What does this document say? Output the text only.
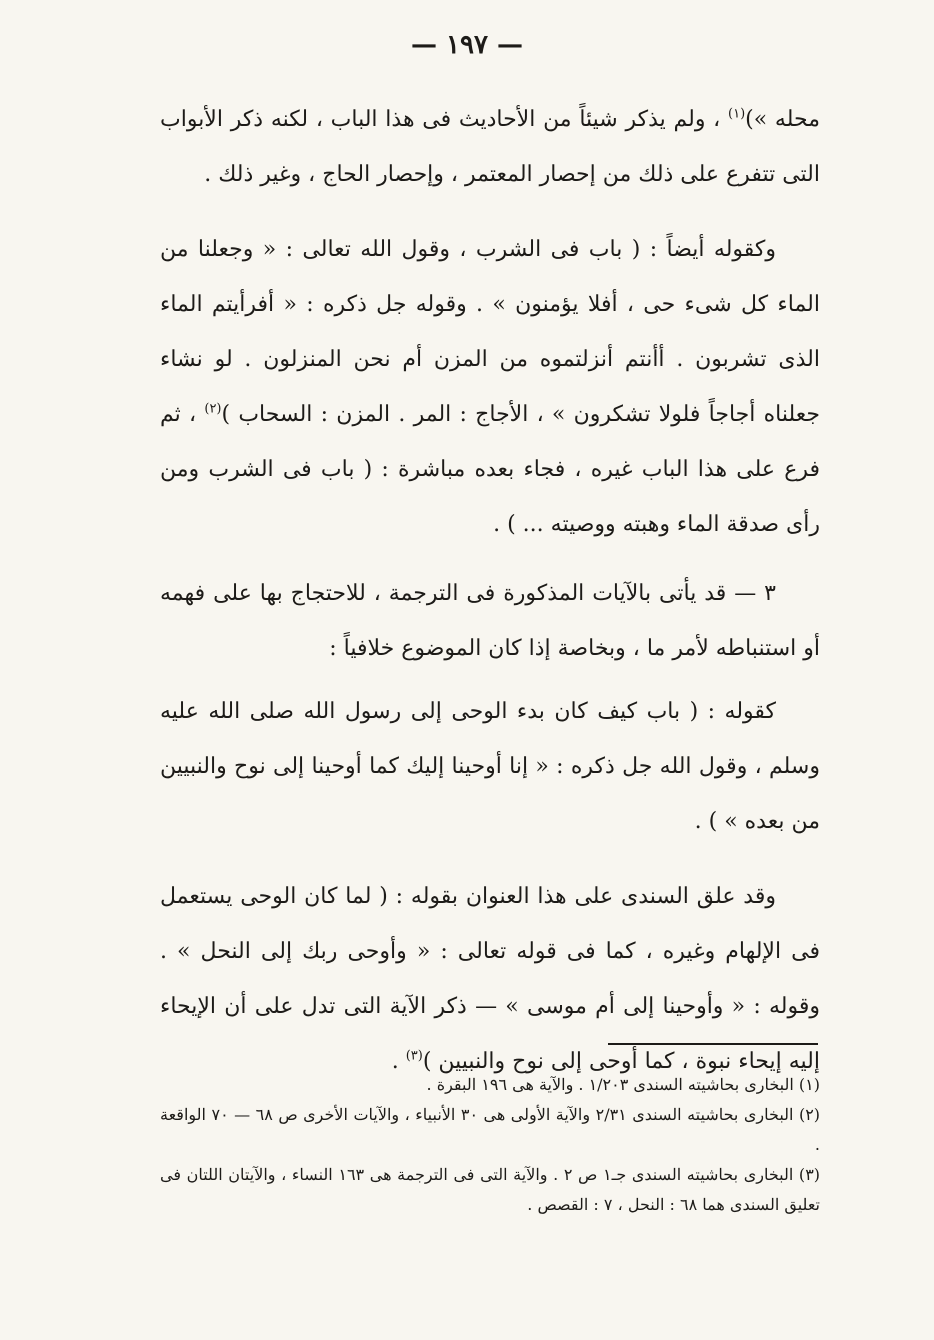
— ١٩٧ —

محله »)$^{(١)}$ ، ولم يذكر شيئاً من الأحاديث فى هذا الباب ، لكنه ذكر الأبواب التى تتفرع على ذلك من إحصار المعتمر ، وإحصار الحاج ، وغير ذلك .

وكقوله أيضاً : ( باب فى الشرب ، وقول الله تعالى : « وجعلنا من الماء كل شىء حى ، أفلا يؤمنون » . وقوله جل ذكره : « أفرأيتم الماء الذى تشربون . أأنتم أنزلتموه من المزن أم نحن المنزلون . لو نشاء جعلناه أجاجاً فلولا تشكرون » ، الأجاج : المر . المزن : السحاب )$^{(٢)}$ ، ثم فرع على هذا الباب غيره ، فجاء بعده مباشرة : ( باب فى الشرب ومن رأى صدقة الماء وهبته ووصيته ... ) .

٣ — قد يأتى بالآيات المذكورة فى الترجمة ، للاحتجاج بها على فهمه أو استنباطه لأمر ما ، وبخاصة إذا كان الموضوع خلافياً :

كقوله : ( باب كيف كان بدء الوحى إلى رسول الله صلى الله عليه وسلم ، وقول الله جل ذكره : « إنا أوحينا إليك كما أوحينا إلى نوح والنبيين من بعده » ) .

وقد علق السندى على هذا العنوان بقوله : ( لما كان الوحى يستعمل فى الإلهام وغيره ، كما فى قوله تعالى : « وأوحى ربك إلى النحل » . وقوله : « وأوحينا إلى أم موسى » — ذكر الآية التى تدل على أن الإيحاء إليه إيحاء نبوة ، كما أوحى إلى نوح والنبيين )$^{(٣)}$ .

(١) البخارى بحاشيته السندى ١/٢٠٣ . والآية هى ١٩٦ البقرة .

(٢) البخارى بحاشيته السندى ٢/٣١ والآية الأولى هى ٣٠ الأنبياء ، والآيات الأخرى ص ٦٨ — ٧٠ الواقعة .

(٣) البخارى بحاشيته السندى جـ١ ص ٢ . والآية التى فى الترجمة هى ١٦٣ النساء ، والآيتان اللتان فى تعليق السندى هما ٦٨ : النحل ، ٧ : القصص .
